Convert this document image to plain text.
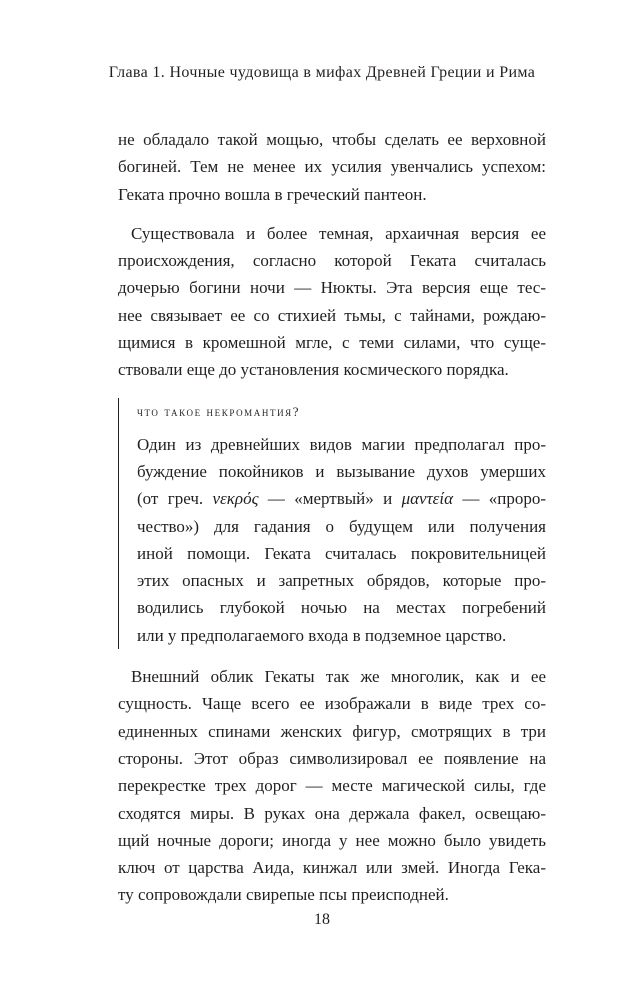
Глава 1. Ночные чудовища в мифах Древней Греции и Рима

не обладало такой мощью, чтобы сделать ее верховной
богиней. Тем не менее их усилия увенчались успехом:
Геката прочно вошла в греческий пантеон.

Существовала и более темная, архаичная версия ее
происхождения, согласно которой Геката считалась
дочерью богини ночи — Нюкты. Эта версия еще тес-
нее связывает ее со стихией тьмы, с тайнами, рождаю-
щимися в кромешной мгле, с теми силами, что суще-
ствовали еще до установления космического порядка.

что такое некромантия?

Один из древнейших видов магии предполагал про-
буждение покойников и вызывание духов умерших
(от греч. νεκρός — «мертвый» и μαντεία — «проро-
чество») для гадания о будущем или получения
иной помощи. Геката считалась покровительницей
этих опасных и запретных обрядов, которые про-
водились глубокой ночью на местах погребений
или у предполагаемого входа в подземное царство.

Внешний облик Гекаты так же многолик, как и ее
сущность. Чаще всего ее изображали в виде трех со-
единенных спинами женских фигур, смотрящих в три
стороны. Этот образ символизировал ее появление на
перекрестке трех дорог — месте магической силы, где
сходятся миры. В руках она держала факел, освещаю-
щий ночные дороги; иногда у нее можно было увидеть
ключ от царства Аида, кинжал или змей. Иногда Гека-
ту сопровождали свирепые псы преисподней.

18
